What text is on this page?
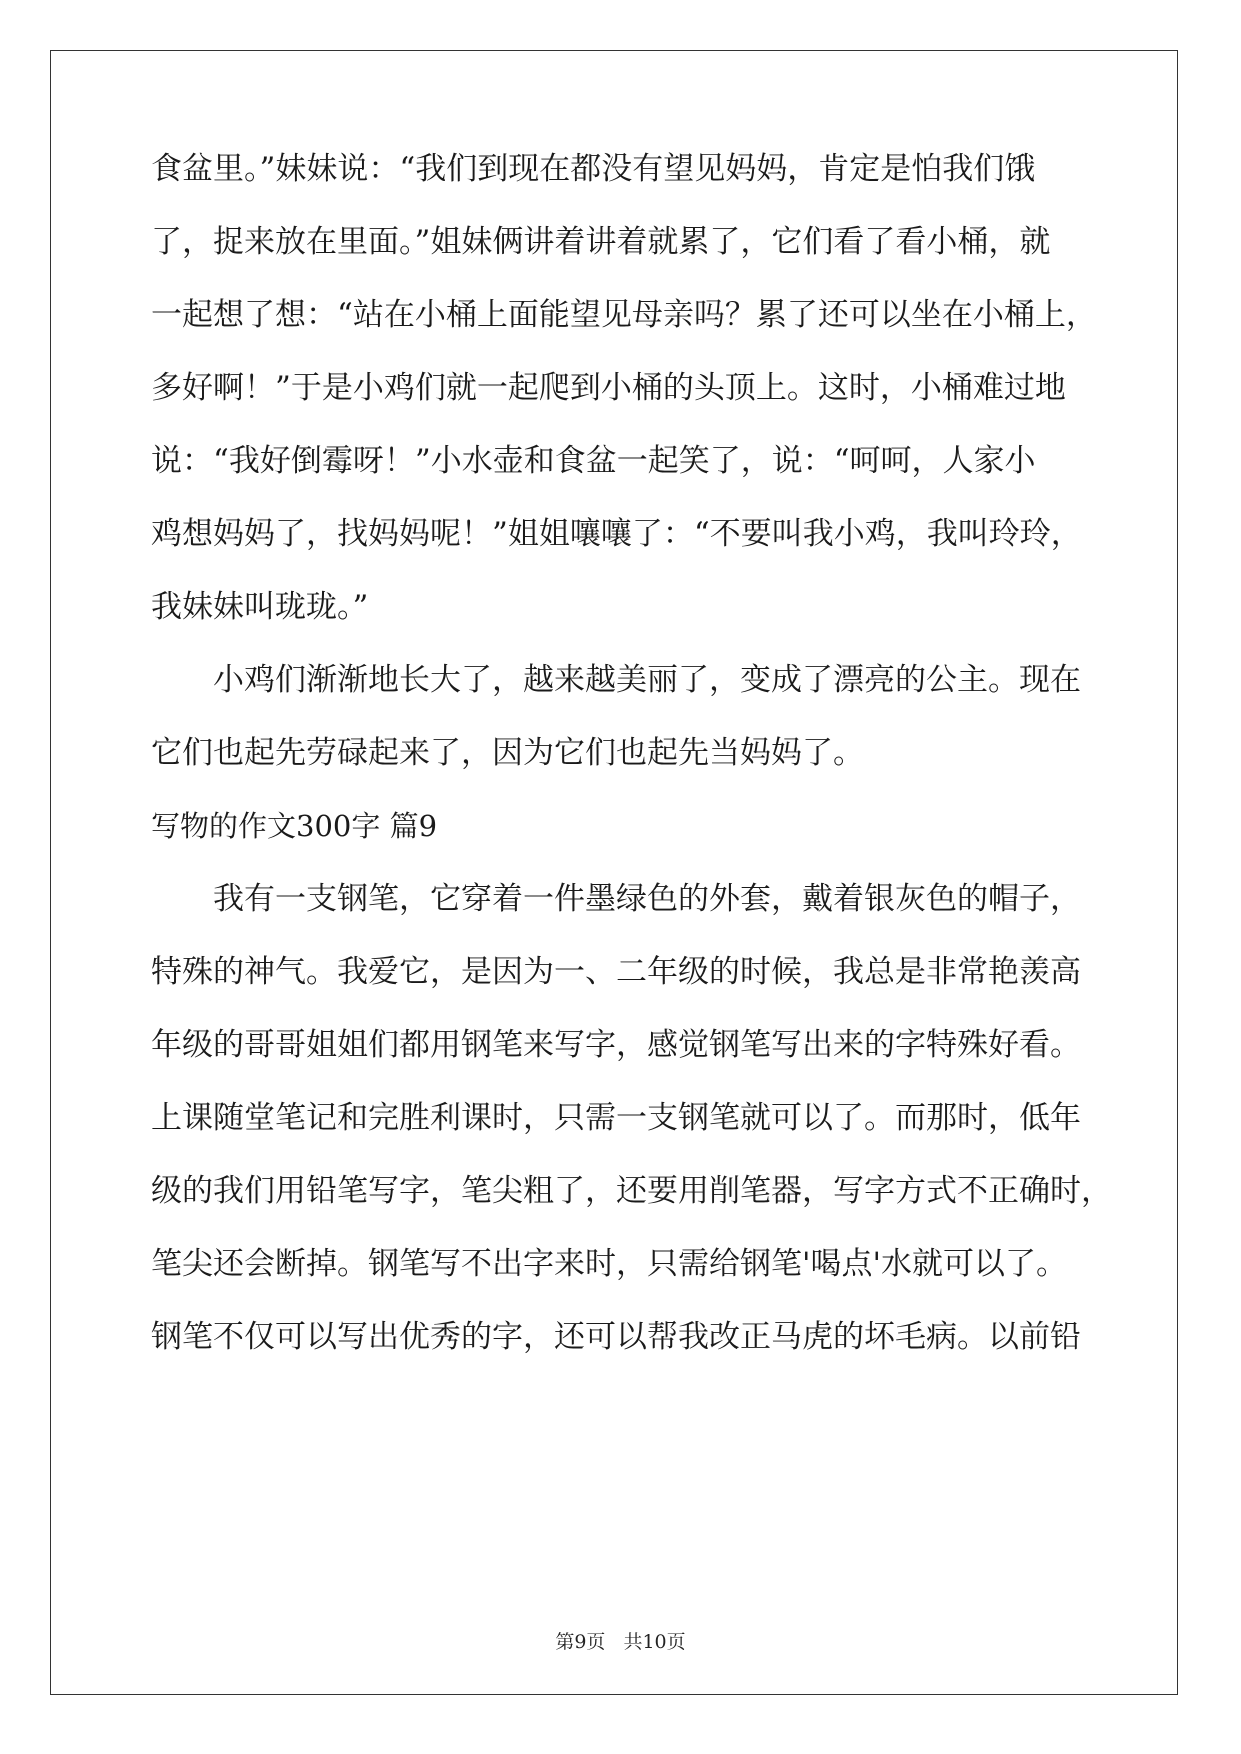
食盆里。”妹妹说：“我们到现在都没有望见妈妈，肯定是怕我们饿
了，捉来放在里面。”姐妹俩讲着讲着就累了，它们看了看小桶，就
一起想了想：“站在小桶上面能望见母亲吗？累了还可以坐在小桶上，
多好啊！”于是小鸡们就一起爬到小桶的头顶上。这时，小桶难过地
说：“我好倒霉呀！”小水壶和食盆一起笑了，说：“呵呵，人家小
鸡想妈妈了，找妈妈呢！”姐姐嚷嚷了：“不要叫我小鸡，我叫玲玲，
我妹妹叫珑珑。”
小鸡们渐渐地长大了，越来越美丽了，变成了漂亮的公主。现在
它们也起先劳碌起来了，因为它们也起先当妈妈了。
写物的作文300字 篇9
我有一支钢笔，它穿着一件墨绿色的外套，戴着银灰色的帽子，
特殊的神气。我爱它，是因为一、二年级的时候，我总是非常艳羡高
年级的哥哥姐姐们都用钢笔来写字，感觉钢笔写出来的字特殊好看。
上课随堂笔记和完胜利课时，只需一支钢笔就可以了。而那时，低年
级的我们用铅笔写字，笔尖粗了，还要用削笔器，写字方式不正确时，
笔尖还会断掉。钢笔写不出字来时，只需给钢笔'喝点'水就可以了。
钢笔不仅可以写出优秀的字，还可以帮我改正马虎的坏毛病。以前铅
第9页 共10页
